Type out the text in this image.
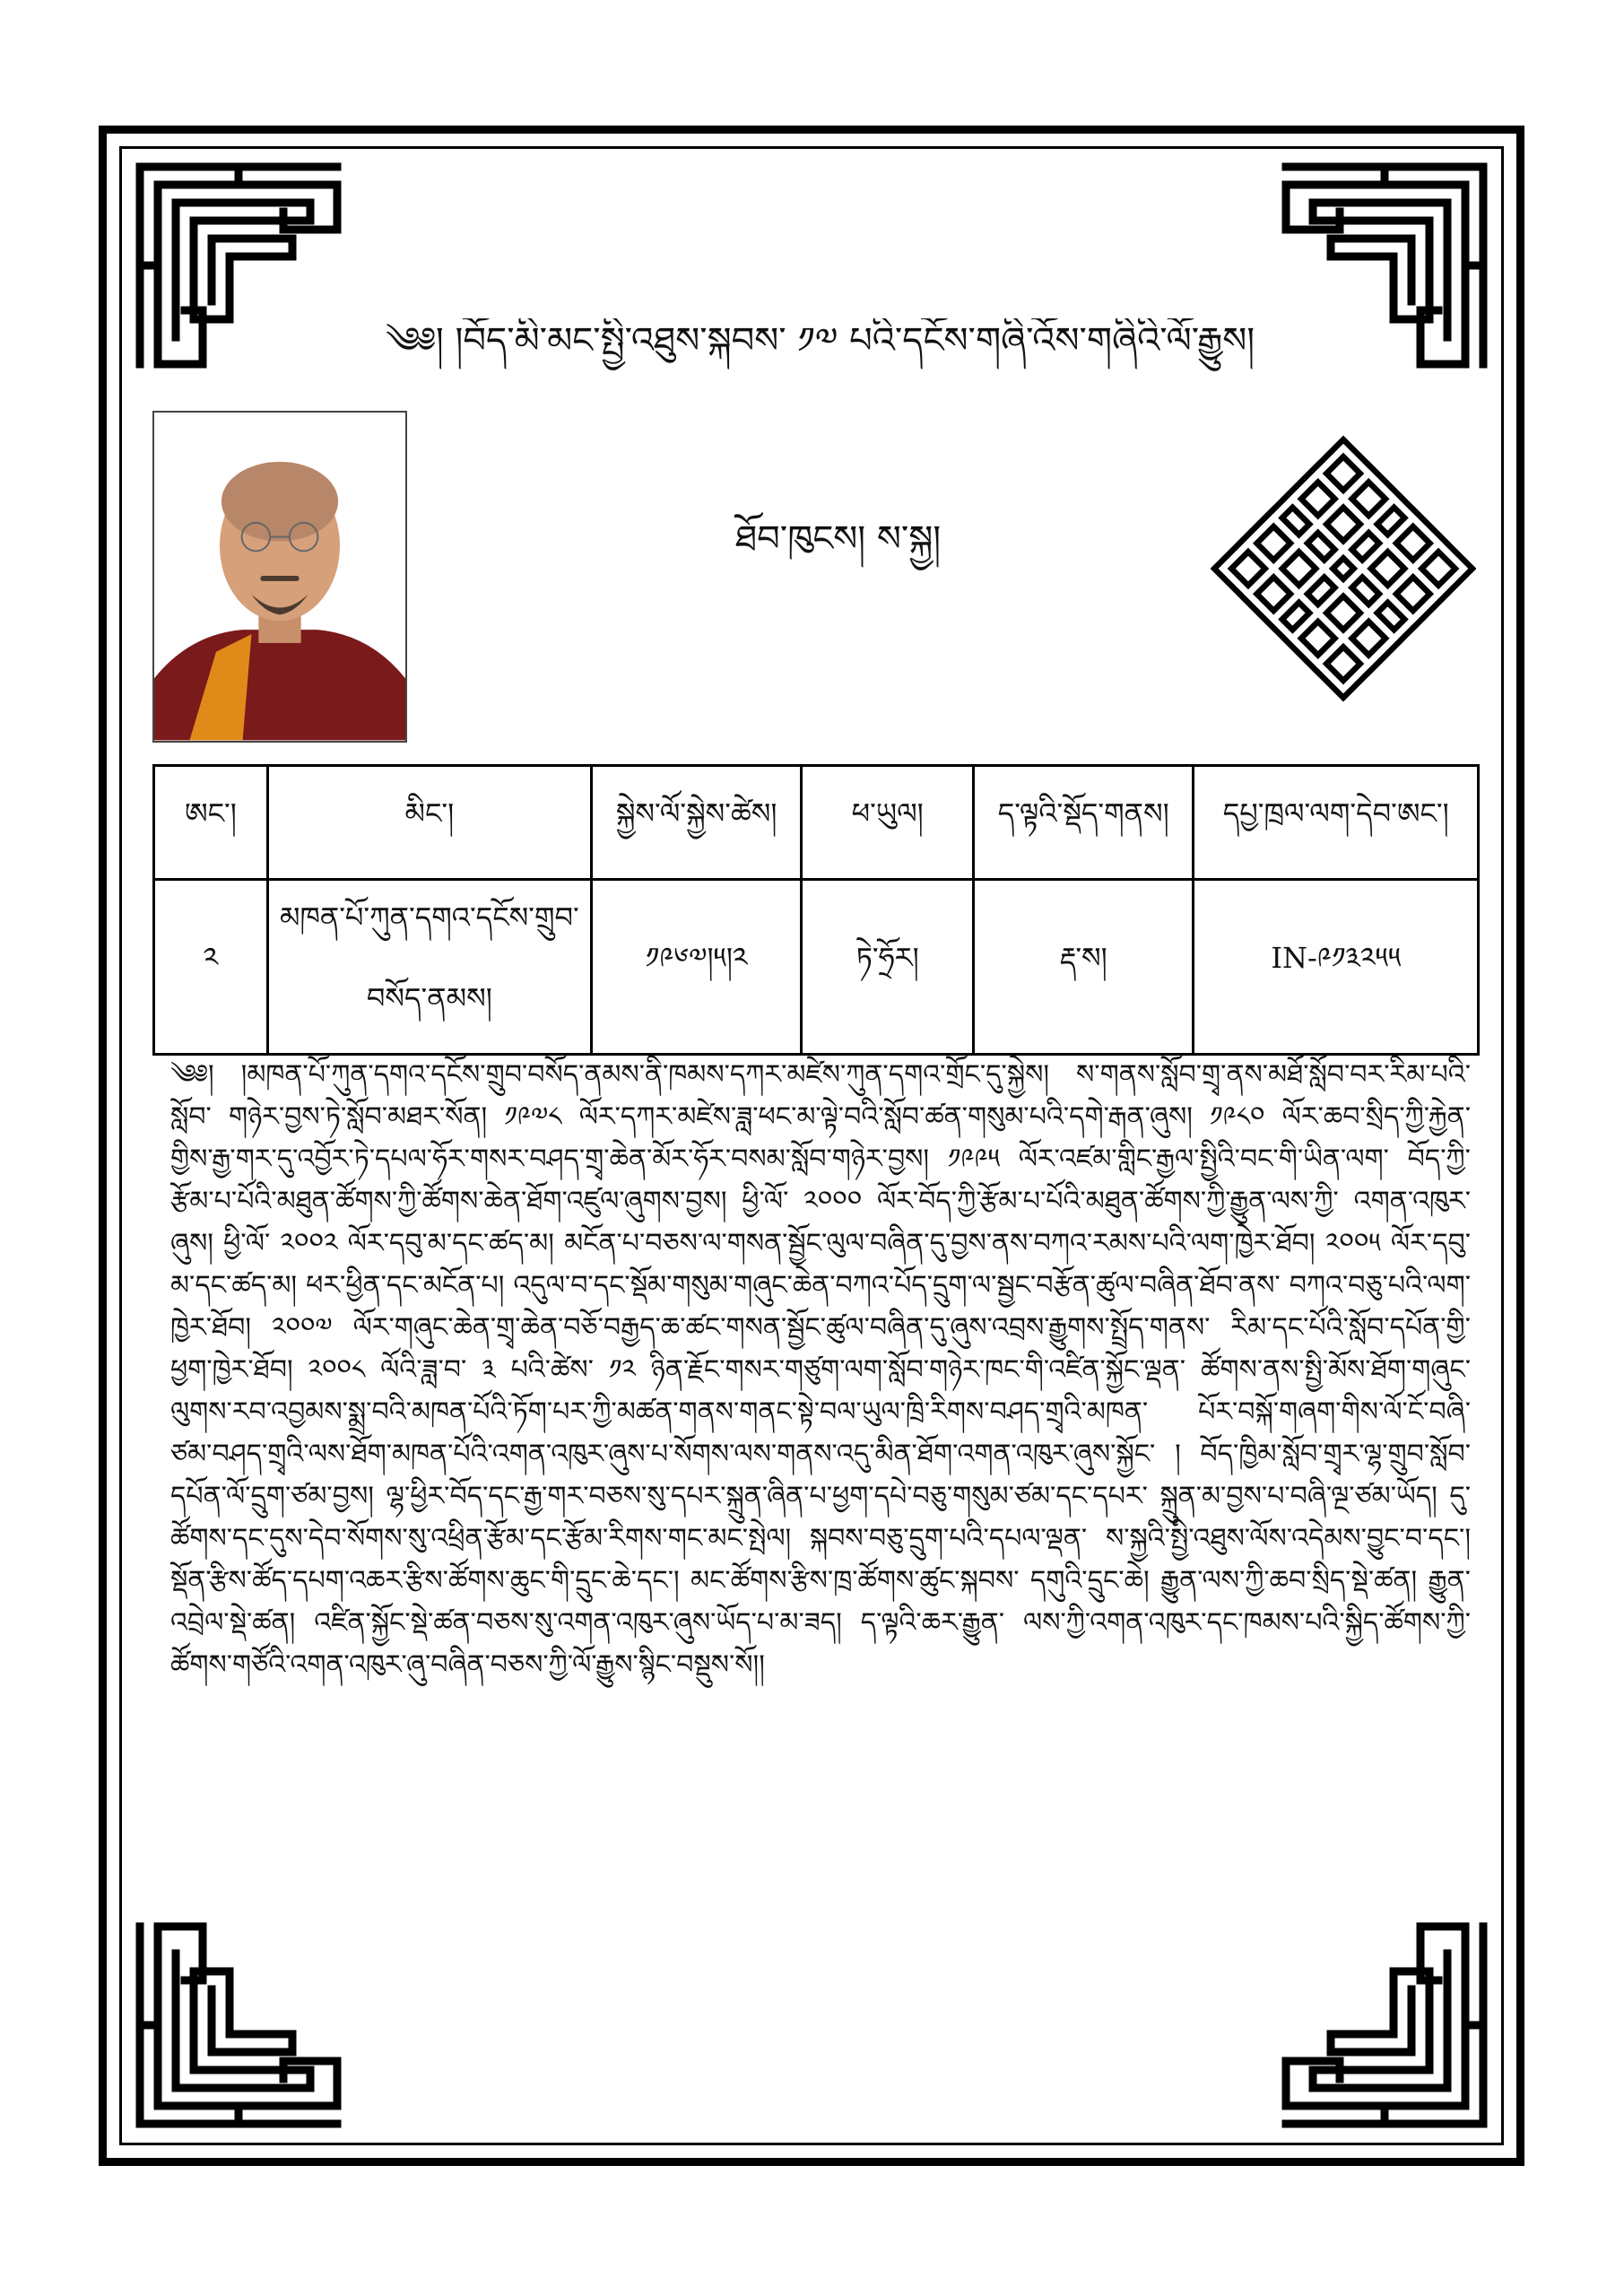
༄༅། །བོད་མི་མང་སྤྱི་འཐུས་སྐབས་ ༡༧ པའི་དངོས་གཞི་འོས་གཞིའི་ལོ་རྒྱུས།
ཐོབ་ཁུངས། ས་སྐྱ།
ཨང་།	མིང་།	སྐྱེས་ལོ་སྐྱེས་ཚེས།	ཕ་ཡུལ།	ད་ལྟའི་སྡོད་གནས།	དཔྱ་ཁྲལ་ལག་དེབ་ཨང་།
༢	མཁན་པོ་ཀུན་དགའ་དངོས་གྲུབ་བསོད་ནམས།	༡༩༦༧།༥།༢	ཏེ་ཧྲོར།	རྡ་ས།	IN-༩༡༣༢༥༥
༄༅། །མཁན་པོ་ཀུན་དགའ་དངོས་གྲུབ་བསོད་ནམས་ནི་ཁམས་དཀར་མཛེས་ཀུན་དགའ་གྲོང་དུ་སྐྱེས། ས་གནས་སློབ་གྲྭ་ནས་མཐོ་སློབ་བར་རིམ་པའི་སློབ་ གཉེར་བྱས་ཏེ་སློབ་མཐར་སོན། ༡༩༧༨ ལོར་དཀར་མཛེས་ཟླ་ཕང་མ་ལྟེ་བའི་སློབ་ཚན་གསུམ་པའི་དགེ་རྒན་ཞུས། ༡༩༨༠ ལོར་ཆབ་སྲིད་ཀྱི་རྐྱེན་ གྱིས་རྒྱ་གར་དུ་འབྱོར་ཏེ་དཔལ་ཧོར་གསར་བཤད་གྲྭ་ཆེན་མོར་ཧོར་བསམ་སློབ་གཉེར་བྱས། ༡༩༩༥ ལོར་འཛམ་གླིང་རྒྱལ་སྤྱིའི་བང་གི་ཡིན་ལག་ བོད་ཀྱི་རྩོམ་པ་པོའི་མཐུན་ཚོགས་ཀྱི་ཚོགས་ཆེན་ཐོག་འཛུལ་ཞུགས་བྱས། ཕྱི་ལོ་ ༢༠༠༠ ལོར་བོད་ཀྱི་རྩོམ་པ་པོའི་མཐུན་ཚོགས་ཀྱི་རྒྱུན་ལས་ཀྱི་ འགན་འཁུར་ཞུས། ཕྱི་ལོ་ ༢༠༠༢ ལོར་དབུ་མ་དང་ཚད་མ། མངོན་པ་བཅས་ལ་གསན་སྦྱོང་ལུལ་བཞིན་དུ་བྱས་ནས་བཀའ་རམས་པའི་ལག་ཁྱེར་ཐོབ། ༢༠༠༥ ལོར་དབུ་མ་དང་ཚད་མ། ཕར་ཕྱིན་དང་མངོན་པ། འདུལ་བ་དང་སྡོམ་གསུམ་གཞུང་ཆེན་བཀའ་པོད་དྲུག་ལ་སྦྱང་བརྩོན་ཚུལ་བཞིན་ཐོབ་ནས་ བཀའ་བཅུ་པའི་ལག་ཁྱེར་ཐོབ། ༢༠༠༧ ལོར་གཞུང་ཆེན་གྲྭ་ཆེན་བཅོ་བརྒྱད་ཆ་ཚང་གསན་སྦྱོང་ཚུལ་བཞིན་དུ་ཞུས་འབྲས་རྒྱུགས་སྤྲོད་གནས་ རིམ་དང་པོའི་སློབ་དཔོན་གྱི་ཕྱག་ཁྱེར་ཐོབ། ༢༠༠༨ ལོའི་ཟླ་བ་ ༣ པའི་ཚེས་ ༡༢ ཉིན་རྗོང་གསར་གཙུག་ལག་སློབ་གཉེར་ཁང་གི་འཛིན་སྐྱོང་ལྡན་ ཚོགས་ནས་སྤྱི་མོས་ཐོག་གཞུང་ལུགས་རབ་འབྱམས་སྨྲ་བའི་མཁན་པོའི་ཏོག་པར་ཀྱི་མཚན་གནས་གནང་སྟེ་བལ་ཡུལ་ཁྲི་རིགས་བཤད་གྲྭའི་མཁན་ པོར་བསྐོ་གཞག་གིས་ལོ་ངོ་བཞི་ཙམ་བཤད་གྲྭའི་ལས་ཐོག་མཁན་པོའི་འགན་འཁུར་ཞུས་པ་སོགས་ལས་གནས་འདུ་མིན་ཐོག་འགན་འཁུར་ཞུས་སྐྱོང་ ། བོད་ཁྱིམ་སློབ་གྲྭར་ལྷ་གྲུབ་སློབ་དཔོན་ལོ་དྲུག་ཙམ་བྱས། ལྷ་ཕྱིར་བོད་དང་རྒྱ་གར་བཅས་སུ་དཔར་སྐྲུན་ཞིན་པ་ཕྱག་དཔེ་བཅུ་གསུམ་ཙམ་དང་དཔར་ སྐྲུན་མ་བྱས་པ་བཞི་ལྔ་ཙམ་ཡོད། དུ་ཚོགས་དང་དུས་དེབ་སོགས་སུ་འཕྲིན་རྩོམ་དང་རྩོམ་རིགས་གང་མང་སྤེལ། སྐབས་བཅུ་དྲུག་པའི་དཔལ་ལྡན་ ས་སྐྱའི་སྤྱི་འཐུས་ལོས་འདེམས་བྱུང་བ་དང་། སྡོན་རྩིས་ཚོད་དཔག་འཆར་རྩིས་ཚོགས་ཆུང་གི་དྲུང་ཆེ་དང་། མང་ཚོགས་རྩིས་ཁྲ་ཚོགས་ཚུང་སྐབས་ དགུའི་དྲུང་ཆེ། རྒྱུན་ལས་ཀྱི་ཆབ་སྲིད་སྡེ་ཚན། རྒྱུན་འབྲེལ་སྡེ་ཚན། འཛིན་སྐྱོང་སྡེ་ཚན་བཅས་སུ་འགན་འཁུར་ཞུས་ཡོད་པ་མ་ཟད། ད་ལྟའི་ཆར་རྒྱུན་ ལས་ཀྱི་འགན་འཁུར་དང་ཁམས་པའི་སྐྱིད་ཚོགས་ཀྱི་ཚོགས་གཙོའི་འགན་འཁུར་ཞུ་བཞིན་བཅས་ཀྱི་ལོ་རྒྱུས་སྙིང་བསྡུས་སོ།།
